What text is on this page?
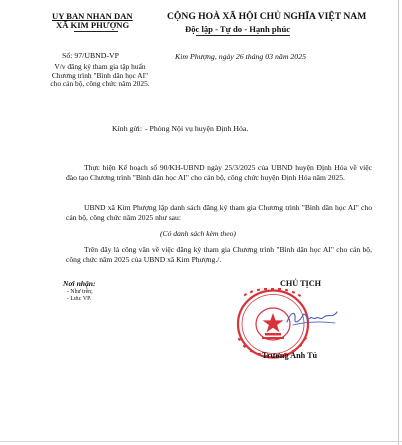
UY BAN NHAN DAN
XÃ KIM PHƯỢNG
CỘNG HOÀ XÃ HỘI CHỦ NGHĨA VIỆT NAM
Độc lập - Tự do - Hạnh phúc
Số: 97/UBND-VP
V/v đăng ký tham gia tập huấn Chương trình "Bình dân học AI" cho cán bộ, công chức năm 2025.
Kim Phượng, ngày 26 tháng 03 năm 2025
Kính gửi: - Phòng Nội vụ huyện Định Hóa.
Thực hiện Kế hoạch số 90/KH-UBND ngày 25/3/2025 của UBND huyện Định Hóa về việc đào tạo Chương trình "Bình dân học AI" cho cán bộ, công chức huyện Định Hóa năm 2025.
UBND xã Kim Phượng lập danh sách đăng ký tham gia Chương trình "Bình dân học AI" cho cán bộ, công chức năm 2025 như sau:
(Có danh sách kèm theo)
Trên đây là công văn về việc đăng ký tham gia Chương trình "Bình dân học AI" cho cán bộ, công chức năm 2025 của UBND xã Kim Phượng./.
Nơi nhận:
- Như trên;
- Lưu: VP.
CHỦ TỊCH
Trương Anh Tú
